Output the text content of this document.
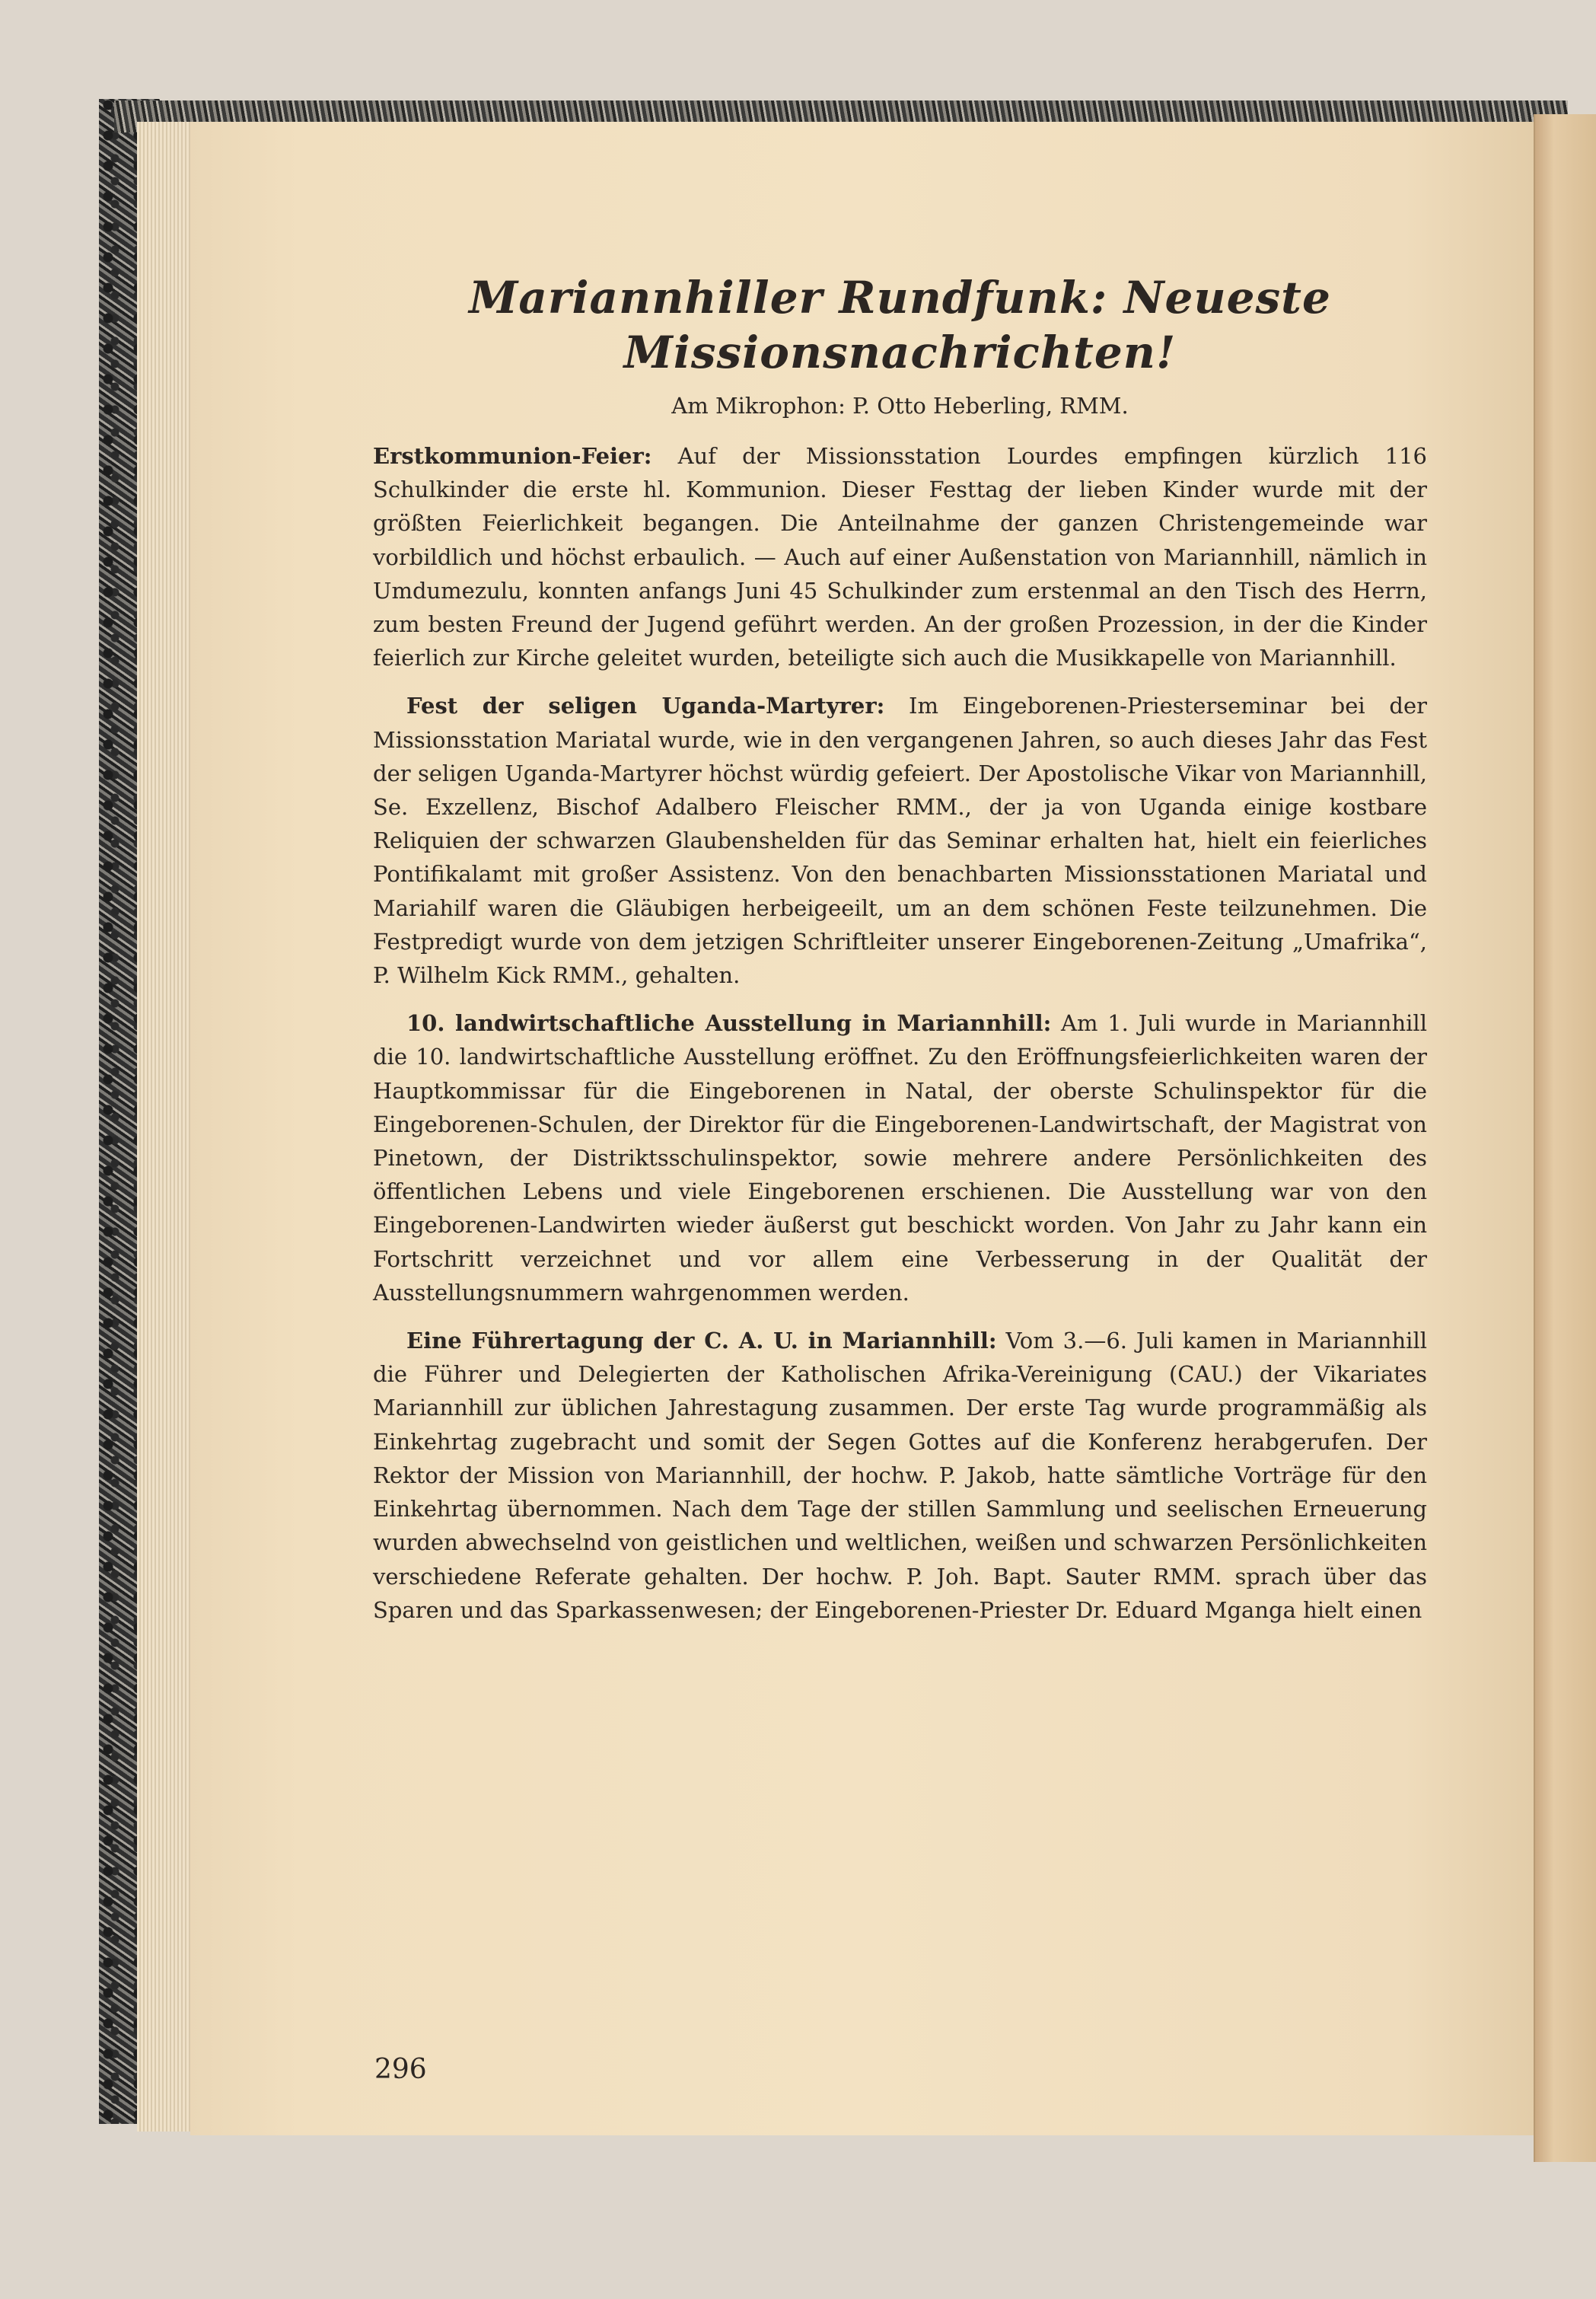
Mariannhiller Rundfunk: Neueste

Missionsnachrichten!

Am Mikrophon: P. Otto Heberling, RMM.

Erstkommunion-Feier: Auf der Missionsstation Lourdes empfingen kürzlich 116 Schulkinder die erste hl. Kommunion. Dieser Festtag der lieben Kinder wurde mit der größten Feierlichkeit begangen. Die Anteilnahme der ganzen Christengemeinde war vorbildlich und höchst erbaulich. — Auch auf einer Außenstation von Mariannhill, nämlich in Umdumezulu, konnten anfangs Juni 45 Schulkinder zum erstenmal an den Tisch des Herrn, zum besten Freund der Jugend geführt werden. An der großen Prozession, in der die Kinder feierlich zur Kirche geleitet wurden, beteiligte sich auch die Musikkapelle von Mariannhill.

Fest der seligen Uganda-Martyrer: Im Eingeborenen-Priesterseminar bei der Missionsstation Mariatal wurde, wie in den vergangenen Jahren, so auch dieses Jahr das Fest der seligen Uganda-Martyrer höchst würdig gefeiert. Der Apostolische Vikar von Mariannhill, Se. Exzellenz, Bischof Adalbero Fleischer RMM., der ja von Uganda einige kostbare Reliquien der schwarzen Glaubenshelden für das Seminar erhalten hat, hielt ein feierliches Pontifikalamt mit großer Assistenz. Von den benachbarten Missionsstationen Mariatal und Mariahilf waren die Gläubigen herbeigeeilt, um an dem schönen Feste teilzunehmen. Die Festpredigt wurde von dem jetzigen Schriftleiter unserer Eingeborenen-Zeitung „Umafrika“, P. Wilhelm Kick RMM., gehalten.

10. landwirtschaftliche Ausstellung in Mariannhill: Am 1. Juli wurde in Mariannhill die 10. landwirtschaftliche Ausstellung eröffnet. Zu den Eröffnungsfeierlichkeiten waren der Hauptkommissar für die Eingeborenen in Natal, der oberste Schulinspektor für die Eingeborenen-Schulen, der Direktor für die Eingeborenen-Landwirtschaft, der Magistrat von Pinetown, der Distriktsschulinspektor, sowie mehrere andere Persönlichkeiten des öffentlichen Lebens und viele Eingeborenen erschienen. Die Ausstellung war von den Eingeborenen-Landwirten wieder äußerst gut beschickt worden. Von Jahr zu Jahr kann ein Fortschritt verzeichnet und vor allem eine Verbesserung in der Qualität der Ausstellungsnummern wahrgenommen werden.

Eine Führertagung der C. A. U. in Mariannhill: Vom 3.—6. Juli kamen in Mariannhill die Führer und Delegierten der Katholischen Afrika-Vereinigung (CAU.) der Vikariates Mariannhill zur üblichen Jahrestagung zusammen. Der erste Tag wurde programmäßig als Einkehrtag zugebracht und somit der Segen Gottes auf die Konferenz herabgerufen. Der Rektor der Mission von Mariannhill, der hochw. P. Jakob, hatte sämtliche Vorträge für den Einkehrtag übernommen. Nach dem Tage der stillen Sammlung und seelischen Erneuerung wurden abwechselnd von geistlichen und weltlichen, weißen und schwarzen Persönlichkeiten verschiedene Referate gehalten. Der hochw. P. Joh. Bapt. Sauter RMM. sprach über das Sparen und das Sparkassenwesen; der Eingeborenen-Priester Dr. Eduard Mganga hielt einen

296
